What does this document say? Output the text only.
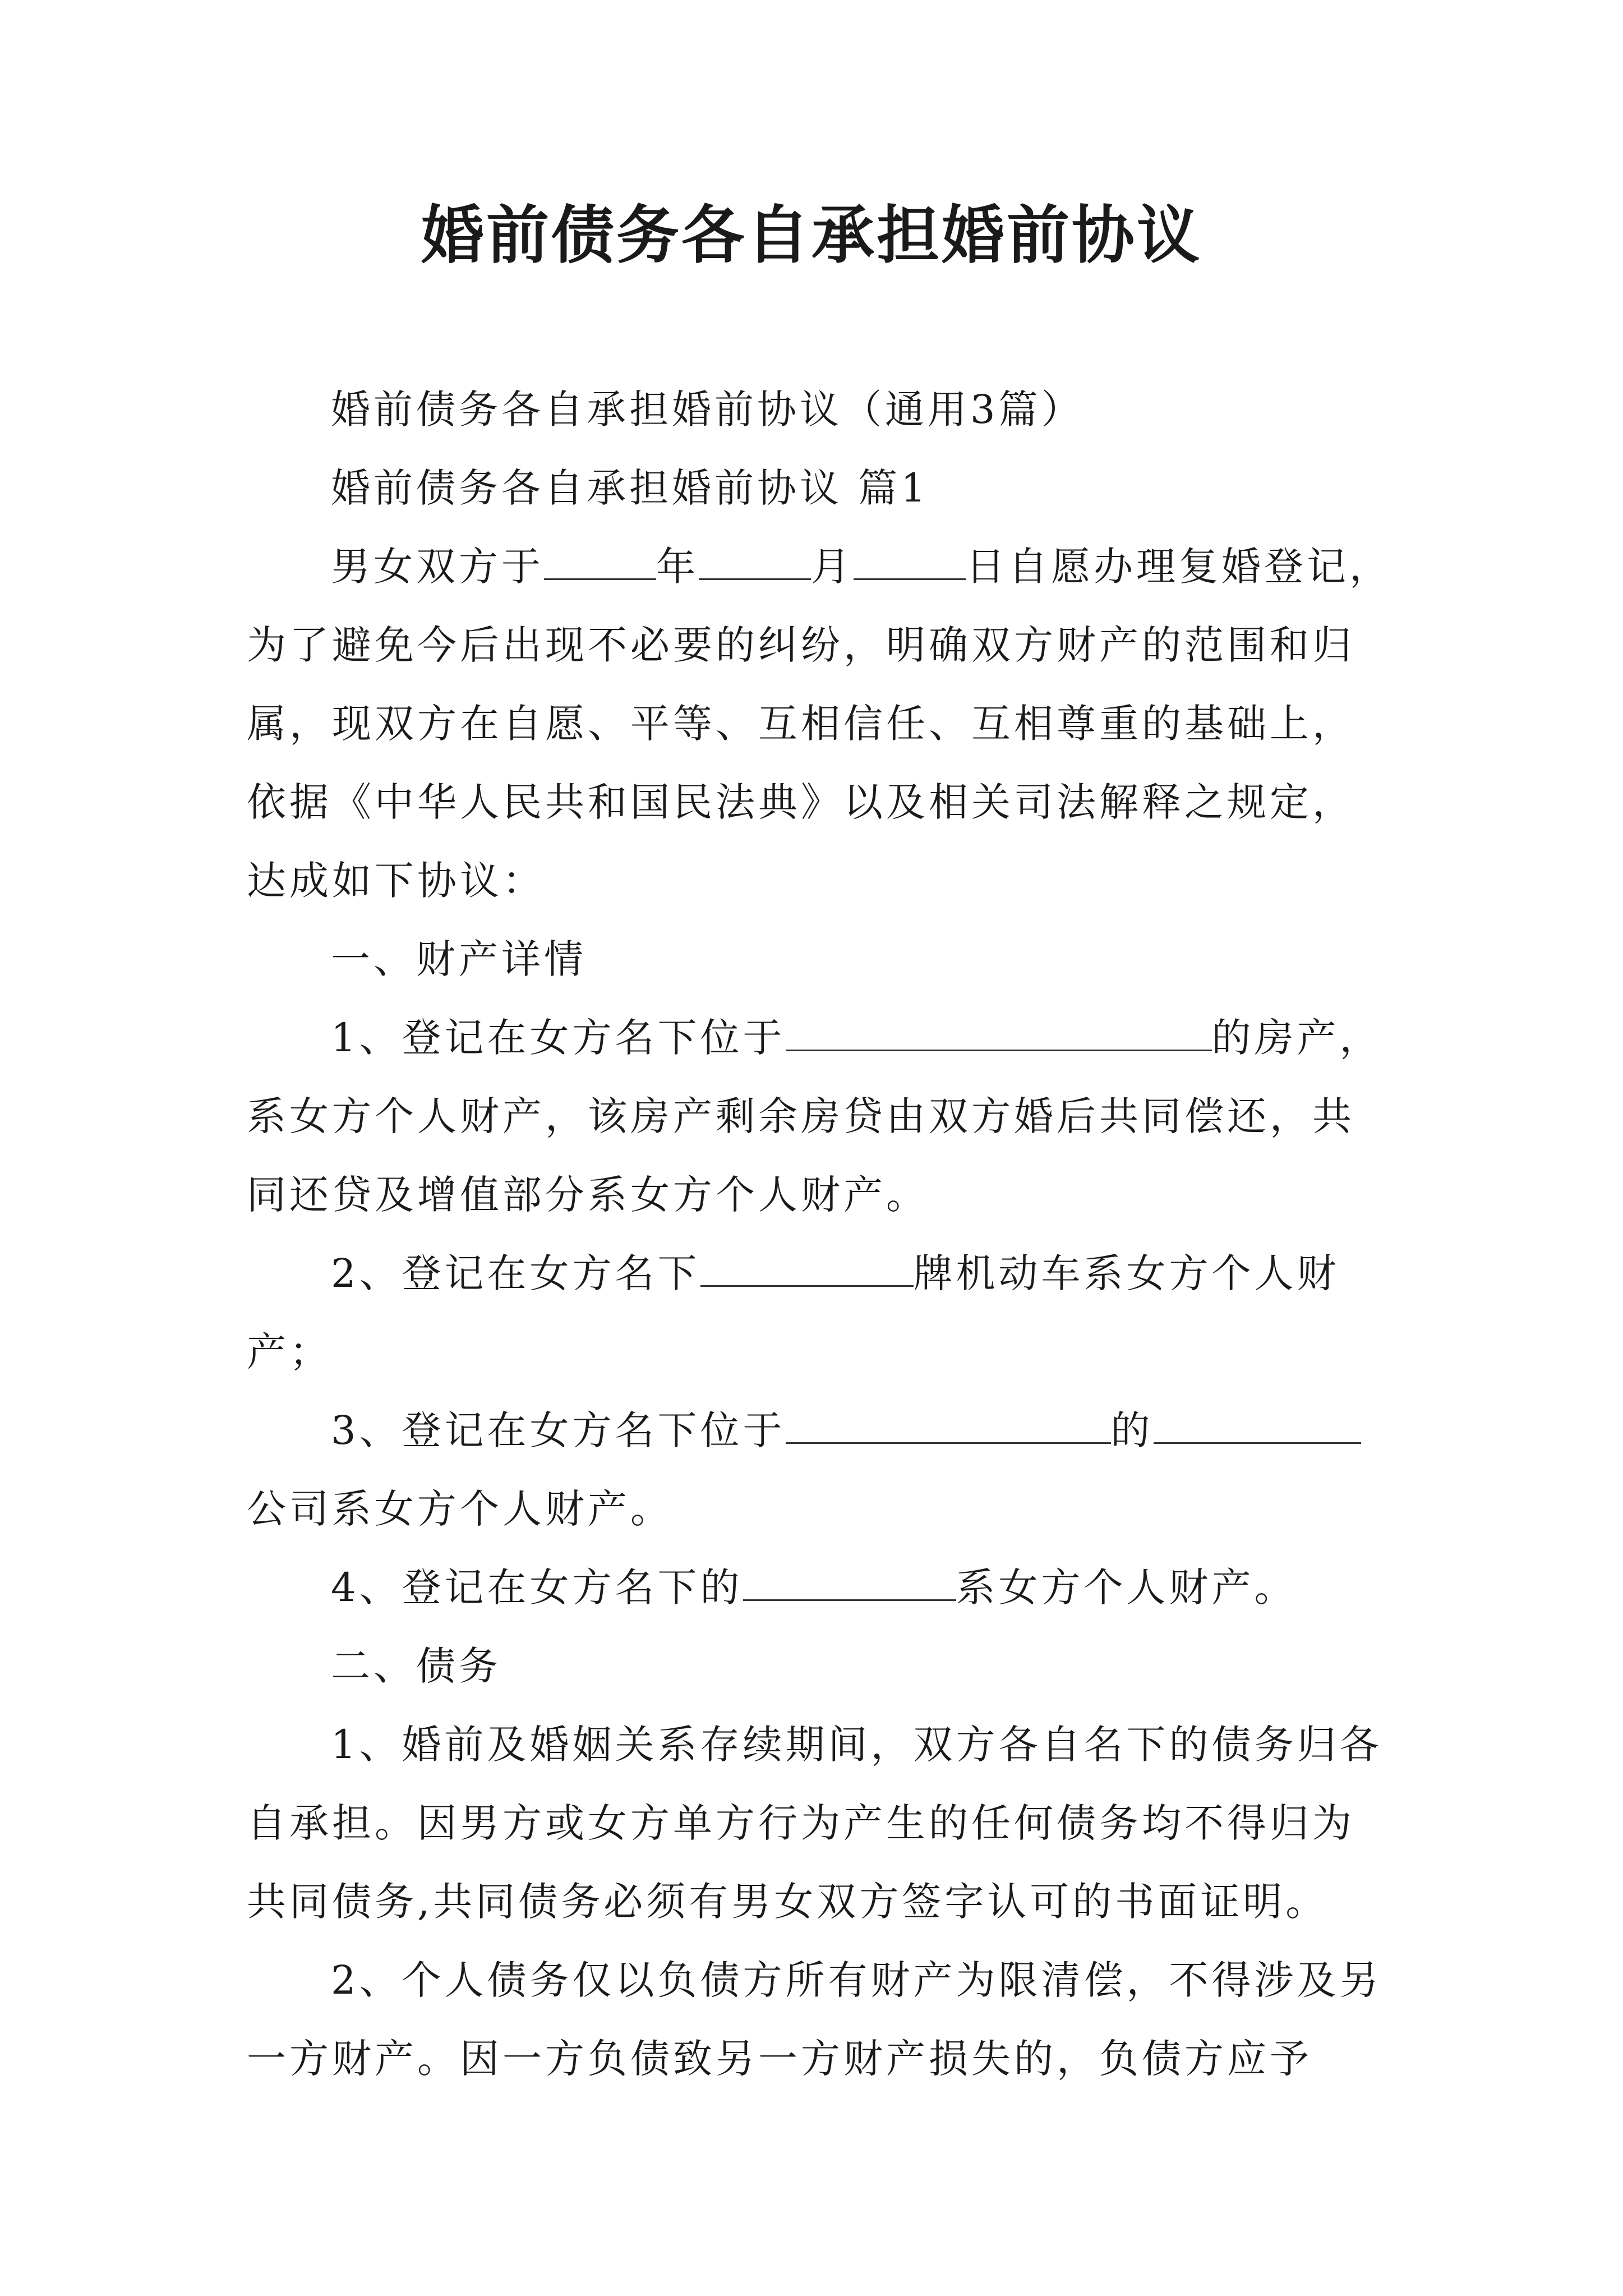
婚前债务各自承担婚前协议

婚前债务各自承担婚前协议（通用3篇）

婚前债务各自承担婚前协议 篇1

男女双方于	年	月	日自愿办理复婚登记，为了避免今后出现不必要的纠纷，明确双方财产的范围和归属，现双方在自愿、平等、互相信任、互相尊重的基础上，依据《中华人民共和国民法典》以及相关司法解释之规定，达成如下协议：

一、财产详情

1、登记在女方名下位于	的房产，系女方个人财产，该房产剩余房贷由双方婚后共同偿还，共同还贷及增值部分系女方个人财产。

2、登记在女方名下	牌机动车系女方个人财产；

3、登记在女方名下位于	的公司系女方个人财产。

4、登记在女方名下的	系女方个人财产。

二、债务

1、婚前及婚姻关系存续期间，双方各自名下的债务归各自承担。因男方或女方单方行为产生的任何债务均不得归为共同债务,共同债务必须有男女双方签字认可的书面证明。

2、个人债务仅以负债方所有财产为限清偿，不得涉及另一方财产。因一方负债致另一方财产损失的，负债方应予
